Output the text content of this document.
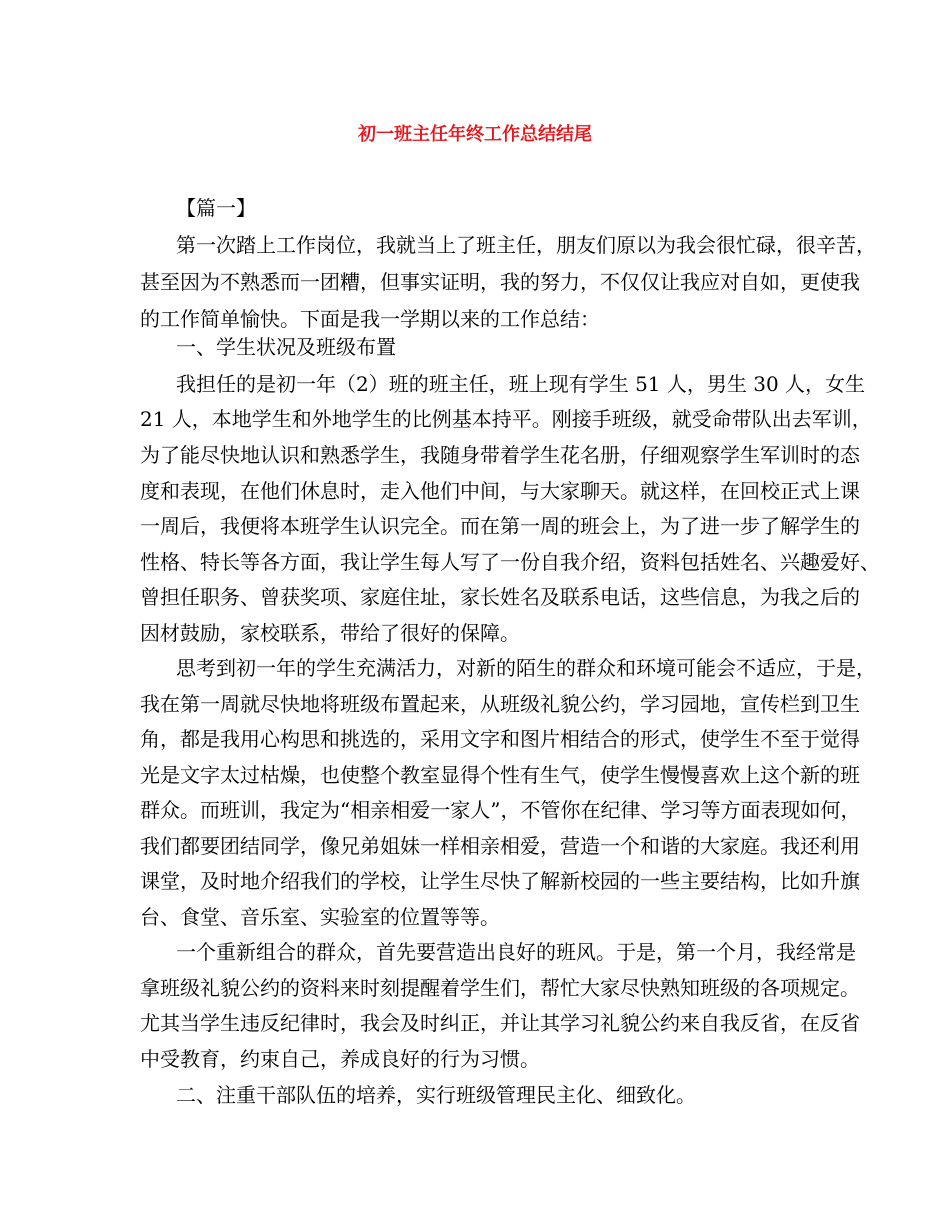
初一班主任年终工作总结结尾
【篇一】
第一次踏上工作岗位，我就当上了班主任，朋友们原以为我会很忙碌，很辛苦，
甚至因为不熟悉而一团糟，但事实证明，我的努力，不仅仅让我应对自如，更使我
的工作简单愉快。下面是我一学期以来的工作总结：
一、学生状况及班级布置
我担任的是初一年（2）班的班主任，班上现有学生 51 人，男生 30 人，女生
21 人，本地学生和外地学生的比例基本持平。刚接手班级，就受命带队出去军训，
为了能尽快地认识和熟悉学生，我随身带着学生花名册，仔细观察学生军训时的态
度和表现，在他们休息时，走入他们中间，与大家聊天。就这样，在回校正式上课
一周后，我便将本班学生认识完全。而在第一周的班会上，为了进一步了解学生的
性格、特长等各方面，我让学生每人写了一份自我介绍，资料包括姓名、兴趣爱好、
曾担任职务、曾获奖项、家庭住址，家长姓名及联系电话，这些信息，为我之后的
因材鼓励，家校联系，带给了很好的保障。
思考到初一年的学生充满活力，对新的陌生的群众和环境可能会不适应，于是，
我在第一周就尽快地将班级布置起来，从班级礼貌公约，学习园地，宣传栏到卫生
角，都是我用心构思和挑选的，采用文字和图片相结合的形式，使学生不至于觉得
光是文字太过枯燥，也使整个教室显得个性有生气，使学生慢慢喜欢上这个新的班
群众。而班训，我定为“相亲相爱一家人”，不管你在纪律、学习等方面表现如何，
我们都要团结同学，像兄弟姐妹一样相亲相爱，营造一个和谐的大家庭。我还利用
课堂，及时地介绍我们的学校，让学生尽快了解新校园的一些主要结构，比如升旗
台、食堂、音乐室、实验室的位置等等。
一个重新组合的群众，首先要营造出良好的班风。于是，第一个月，我经常是
拿班级礼貌公约的资料来时刻提醒着学生们，帮忙大家尽快熟知班级的各项规定。
尤其当学生违反纪律时，我会及时纠正，并让其学习礼貌公约来自我反省，在反省
中受教育，约束自己，养成良好的行为习惯。
二、注重干部队伍的培养，实行班级管理民主化、细致化。
